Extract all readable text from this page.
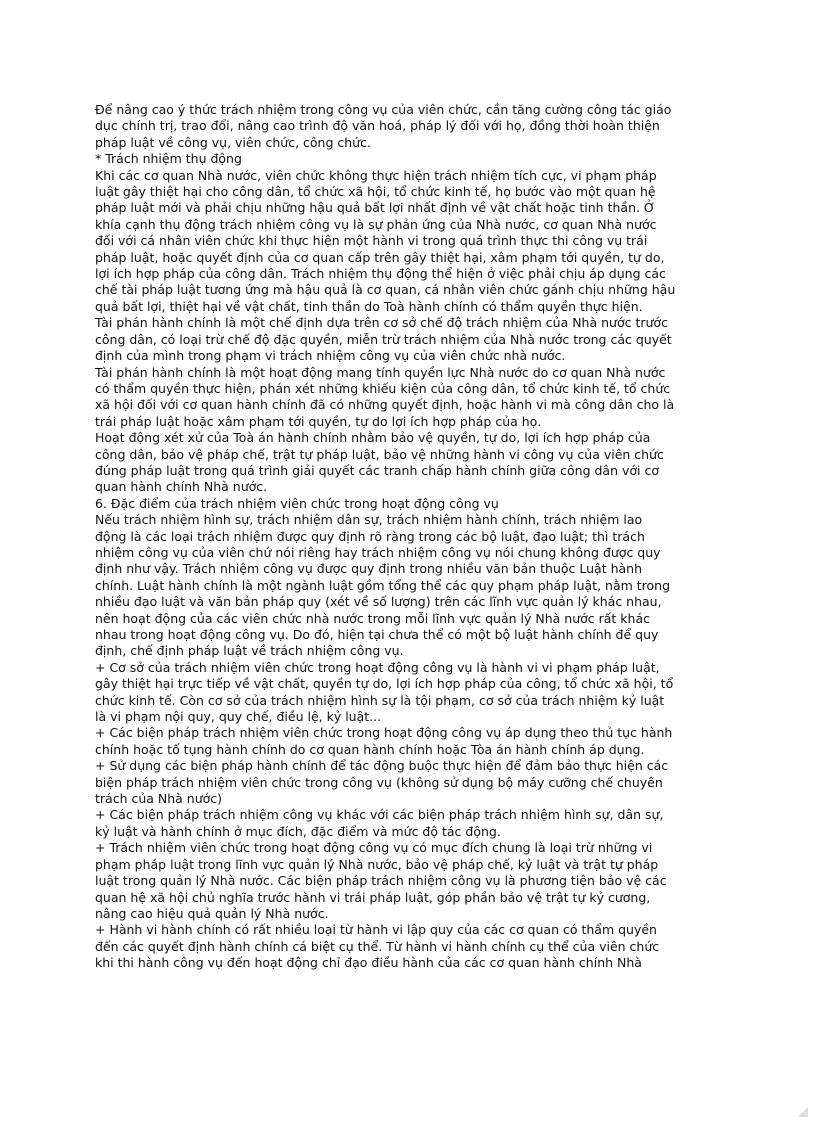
Để nâng cao ý thức trách nhiệm trong công vụ của viên chức, cần tăng cường công tác giáo
dục chính trị, trao đổi, nâng cao trình độ văn hoá, pháp lý đối với họ, đồng thời hoàn thiện
pháp luật về công vụ, viên chức, công chức.

* Trách nhiệm thụ động

Khi các cơ quan Nhà nước, viên chức không thực hiện trách nhiệm tích cực, vi phạm pháp
luật gây thiệt hại cho công dân, tổ chức xã hội, tổ chức kinh tế, họ bước vào một quan hệ
pháp luật mới và phải chịu những hậu quả bất lợi nhất định về vật chất hoặc tinh thần. Ở
khía cạnh thụ động trách nhiệm công vụ là sự phản ứng của Nhà nước, cơ quan Nhà nước
đối với cá nhân viên chức khi thực hiện một hành vi trong quá trình thực thi công vụ trái
pháp luật, hoặc quyết định của cơ quan cấp trên gây thiệt hại, xâm phạm tới quyền, tự do,
lợi ích hợp pháp của công dân. Trách nhiệm thụ động thể hiện ở việc phải chịu áp dụng các
chế tài pháp luật tương ứng mà hậu quả là cơ quan, cá nhân viên chức gánh chịu những hậu
quả bất lợi, thiệt hại về vật chất, tinh thần do Toà hành chính có thẩm quyền thực hiện.

Tài phán hành chính là một chế định dựa trên cơ sở chế độ trách nhiệm của Nhà nước trước
công dân, có loại trừ chế độ đặc quyền, miễn trừ trách nhiệm của Nhà nước trong các quyết
định của mình trong phạm vi trách nhiệm công vụ của viên chức nhà nước.

Tài phán hành chính là một hoạt động mang tính quyền lực Nhà nước do cơ quan Nhà nước
có thẩm quyền thực hiện, phán xét những khiếu kiện của công dân, tổ chức kinh tế, tổ chức
xã hội đối với cơ quan hành chính đã có những quyết định, hoặc hành vi mà công dân cho là
trái pháp luật hoặc xâm phạm tới quyền, tự do lợi ích hợp pháp của họ.

Hoạt động xét xử của Toà án hành chính nhằm bảo vệ quyền, tự do, lợi ích hợp pháp của
công dân, bảo vệ pháp chế, trật tự pháp luật, bảo vệ những hành vi công vụ của viên chức
đúng pháp luật trong quá trình giải quyết các tranh chấp hành chính giữa công dân với cơ
quan hành chính Nhà nước.

6. Đặc điểm của trách nhiệm viên chức trong hoạt động công vụ

Nếu trách nhiệm hình sự, trách nhiệm dân sự, trách nhiệm hành chính, trách nhiệm lao
động là các loại trách nhiệm được quy định rõ ràng trong các bộ luật, đạo luật; thì trách
nhiệm công vụ của viên chứ nói riêng hay trách nhiệm công vụ nói chung không được quy
định như vậy. Trách nhiệm công vụ được quy định trong nhiều văn bản thuộc Luật hành
chính. Luật hành chính là một ngành luật gồm tổng thể các quy phạm pháp luật, nằm trong
nhiều đạo luật và văn bản pháp quy (xét về số lượng) trên các lĩnh vực quản lý khác nhau,
nên hoạt động của các viên chức nhà nước trong mỗi lĩnh vực quản lý Nhà nước rất khác
nhau trong hoạt động công vụ. Do đó, hiện tại chưa thể có một bộ luật hành chính để quy
định, chế định pháp luật về trách nhiệm công vụ.

+ Cơ sở của trách nhiệm viên chức trong hoạt động công vụ là hành vi vi phạm pháp luật,
gây thiệt hại trực tiếp về vật chất, quyền tự do, lợi ích hợp pháp của công, tổ chức xã hội, tổ
chức kinh tế. Còn cơ sở của trách nhiệm hình sự là tội phạm, cơ sở của trách nhiệm kỷ luật
là vi phạm nội quy, quy chế, điều lệ, kỷ luật...

+ Các biện pháp trách nhiệm viên chức trong hoạt động công vụ áp dụng theo thủ tục hành
chính hoặc tố tụng hành chính do cơ quan hành chính hoặc Tòa án hành chính áp dụng.

+ Sử dụng các biện pháp hành chính để tác động buộc thực hiện để đảm bảo thực hiện các
biện pháp trách nhiệm viên chức trong công vụ (không sử dụng bộ máy cưỡng chế chuyên
trách của Nhà nước)

+ Các biện pháp trách nhiệm công vụ khác với các biện pháp trách nhiệm hình sự, dân sự,
kỷ luật và hành chính ở mục đích, đặc điểm và mức độ tác động.

+ Trách nhiệm viên chức trong hoạt động công vụ có mục đích chung là loại trừ những vi
phạm pháp luật trong lĩnh vực quản lý Nhà nước, bảo vệ pháp chế, kỷ luật và trật tự pháp
luật trong quản lý Nhà nước. Các biện pháp trách nhiệm công vụ là phương tiện bảo vệ các
quan hệ xã hội chủ nghĩa trước hành vi trái pháp luật, góp phần bảo vệ trật tự kỷ cương,
nâng cao hiệu quả quản lý Nhà nước.

+ Hành vi hành chính có rất nhiều loại từ hành vi lập quy của các cơ quan có thẩm quyền
đến các quyết định hành chính cá biệt cụ thể. Từ hành vi hành chính cụ thể của viên chức
khi thi hành công vụ đến hoạt động chỉ đạo điều hành của các cơ quan hành chính Nhà
